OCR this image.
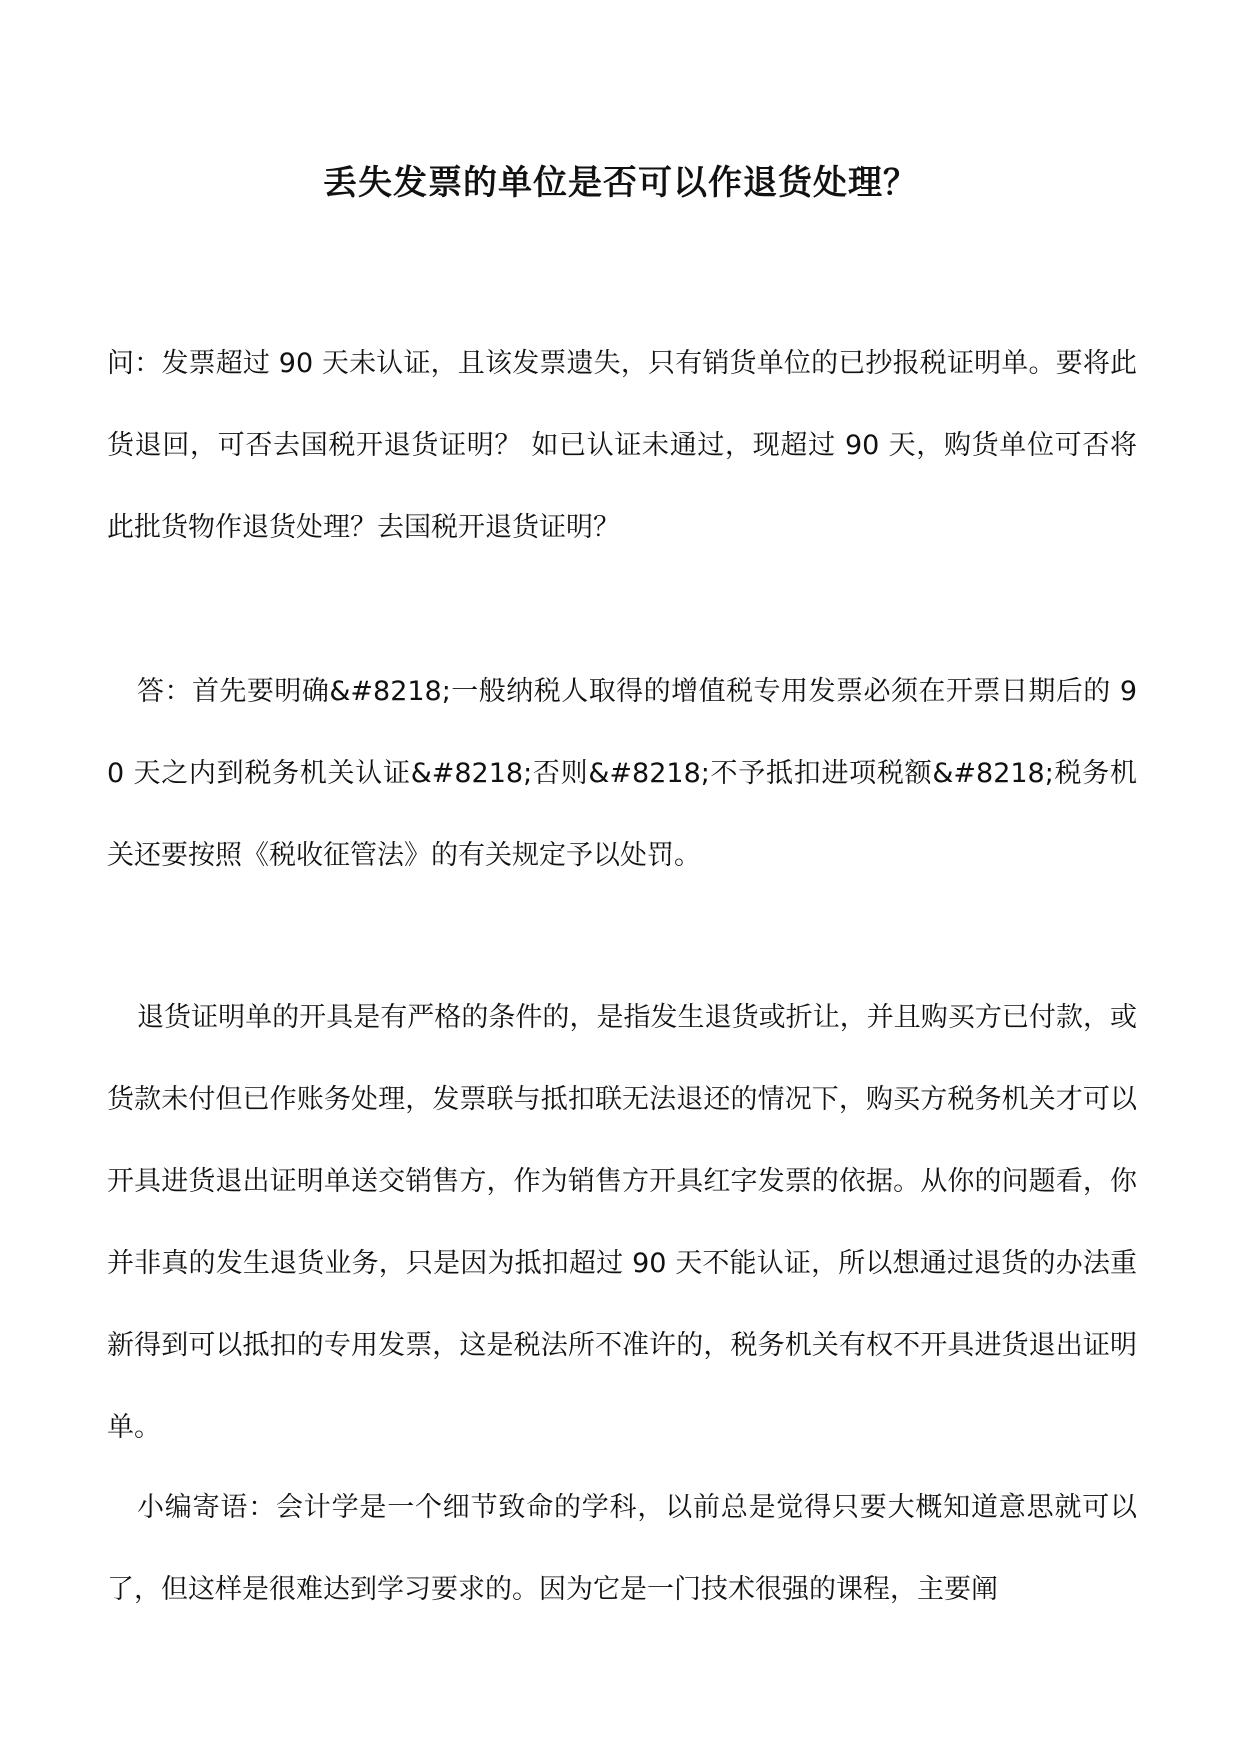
丢失发票的单位是否可以作退货处理？

问：发票超过 90 天未认证，且该发票遗失，只有销货单位的已抄报税证明单。要将此货退回，可否去国税开退货证明？ 如已认证未通过，现超过 90 天，购货单位可否将此批货物作退货处理？去国税开退货证明？

答：首先要明确&#8218;一般纳税人取得的增值税专用发票必须在开票日期后的 90 天之内到税务机关认证&#8218;否则&#8218;不予抵扣进项税额&#8218;税务机关还要按照《税收征管法》的有关规定予以处罚。

退货证明单的开具是有严格的条件的，是指发生退货或折让，并且购买方已付款，或货款未付但已作账务处理，发票联与抵扣联无法退还的情况下，购买方税务机关才可以开具进货退出证明单送交销售方，作为销售方开具红字发票的依据。从你的问题看，你并非真的发生退货业务，只是因为抵扣超过 90 天不能认证，所以想通过退货的办法重新得到可以抵扣的专用发票，这是税法所不准许的，税务机关有权不开具进货退出证明单。

小编寄语：会计学是一个细节致命的学科，以前总是觉得只要大概知道意思就可以了，但这样是很难达到学习要求的。因为它是一门技术很强的课程，主要阐
